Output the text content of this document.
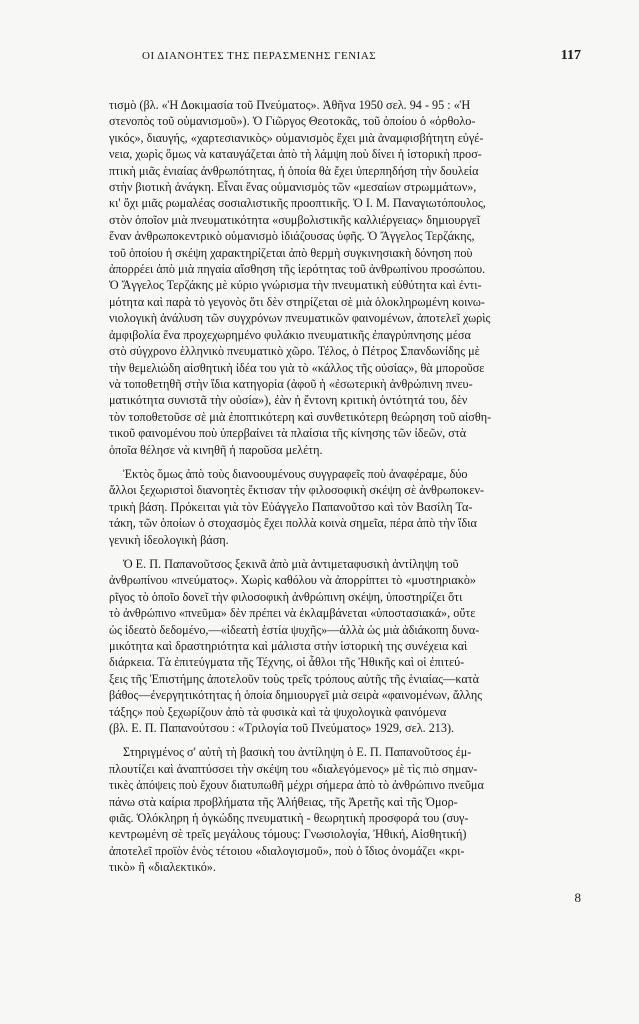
ΟΙ ΔΙΑΝΟΗΤΕΣ ΤΗΣ ΠΕΡΑΣΜΕΝΗΣ ΓΕΝΙΑΣ	117

τισμὸ (βλ. «Ἡ Δοκιμασία τοῦ Πνεύματος». Ἀθῆνα 1950 σελ. 94 - 95 : «Ἡ
στενοπὸς τοῦ οὑμανισμοῦ»). Ὁ Γιῶργος Θεοτοκᾶς, τοῦ ὁποίου ὁ «ὀρθολο-
γικός», διαυγής, «χαρτεσιανικὸς» οὑμανισμὸς ἔχει μιὰ ἀναμφισβήτητη εὐγέ-
νεια, χωρὶς ὅμως νὰ καταυγάζεται ἀπὸ τὴ λάμψη ποὺ δίνει ἡ ἱστορικὴ προσ-
πτικὴ μιᾶς ἑνιαίας ἀνθρωπότητας, ἡ ὁποία θὰ ἔχει ὑπερπηδήση τὴν δουλεία
στὴν βιοτικὴ ἀνάγκη. Εἶναι ἕνας οὑμανισμὸς τῶν «μεσαίων στρωμμάτων»,
κι' ὄχι μιᾶς ρωμαλέας σοσιαλιστικῆς προοπτικῆς. Ὁ Ι. Μ. Παναγιωτόπουλος,
στὸν ὁποῖον μιὰ πνευματικότητα «συμβολιστικῆς καλλιέργειας» δημιουργεῖ
ἕναν ἀνθρωποκεντρικὸ οὑμανισμὸ ἰδιάζουσας ὑφῆς. Ὁ Ἄγγελος Τερζάκης,
τοῦ ὁποίου ἡ σκέψη χαρακτηρίζεται ἀπὸ θερμὴ συγκινησιακὴ δόνηση ποὺ
ἀπορρέει ἀπὸ μιὰ πηγαία αἴσθηση τῆς ἱερότητας τοῦ ἀνθρωπίνου προσώπου.
Ὁ Ἄγγελος Τερζάκης μὲ κύριο γνώρισμα τὴν πνευματικὴ εὐθύτητα καὶ ἐντι-
μότητα καὶ παρὰ τὸ γεγονὸς ὅτι δὲν στηρίζεται σὲ μιὰ ὁλοκληρωμένη κοινω-
νιολογικὴ ἀνάλυση τῶν συγχρόνων πνευματικῶν φαινομένων, ἀποτελεῖ χωρὶς
ἀμφιβολία ἕνα προχεχωρημένο φυλάκιο πνευματικῆς ἐπαγρύπνησης μέσα
στὸ σύγχρονο ἑλληνικὸ πνευματικὸ χῶρο. Τέλος, ὁ Πέτρος Σπανδωνίδης μὲ
τὴν θεμελιώδη αἰσθητικὴ ἰδέα του γιὰ τὸ «κάλλος τῆς οὐσίας», θὰ μποροῦσε
νὰ τοποθετηθῆ στὴν ἴδια κατηγορία (ἀφοῦ ἡ «ἐσωτερικὴ ἀνθρώπινη πνευ-
ματικότητα συνιστᾶ τὴν οὐσία»), ἐὰν ἡ ἔντονη κριτικὴ ὀντότητά του, δὲν
τὸν τοποθετοῦσε σὲ μιὰ ἐποπτικότερη καὶ συνθετικότερη θεώρηση τοῦ αἰσθη-
τικοῦ φαινομένου ποὺ ὑπερβαίνει τὰ πλαίσια τῆς κίνησης τῶν ἰδεῶν, στὰ
ὁποῖα θέλησε νὰ κινηθῆ ἡ παροῦσα μελέτη.

Ἐκτὸς ὅμως ἀπὸ τοὺς διανοουμένους συγγραφεῖς ποὺ ἀναφέραμε, δύο
ἄλλοι ξεχωριστοὶ διανοητὲς ἔκτισαν τὴν φιλοσοφικὴ σκέψη σὲ ἀνθρωποκεν-
τρικὴ βάση. Πρόκειται γιὰ τὸν Εὐάγγελο Παπανοῦτσο καὶ τὸν Βασίλη Τα-
τάκη, τῶν ὁποίων ὁ στοχασμὸς ἔχει πολλὰ κοινὰ σημεῖα, πέρα ἀπὸ τὴν ἴδια
γενικὴ ἰδεολογικὴ βάση.

Ὁ Ε. Π. Παπανοῦτσος ξεκινᾶ ἀπὸ μιὰ ἀντιμεταφυσικὴ ἀντίληψη τοῦ
ἀνθρωπίνου «πνεύματος». Χωρὶς καθόλου νὰ ἀπορρίπτει τὸ «μυστηριακὸ»
ρῖγος τὸ ὁποῖο δονεῖ τὴν φιλοσοφικὴ ἀνθρώπινη σκέψη, ὑποστηρίζει ὅτι
τὸ ἀνθρώπινο «πνεῦμα» δὲν πρέπει νὰ ἐκλαμβάνεται «ὑποστασιακά», οὔτε
ὡς ἰδεατὸ δεδομένο,—«ἰδεατὴ ἑστία ψυχῆς»—ἀλλὰ ὡς μιὰ ἀδιάκοπη δυνα-
μικότητα καὶ δραστηριότητα καὶ μάλιστα στὴν ἱστορικὴ της συνέχεια καὶ
διάρκεια. Τὰ ἐπιτεύγματα τῆς Τέχνης, οἱ ἆθλοι τῆς Ἠθικῆς καὶ οἱ ἐπιτεύ-
ξεις τῆς Ἐπιστήμης ἀποτελοῦν τοὺς τρεῖς τρόπους αὐτῆς τῆς ἑνιαίας—κατὰ
βάθος—ἐνεργητικότητας ἡ ὁποία δημιουργεῖ μιὰ σειρὰ «φαινομένων, ἄλλης
τάξης» ποὺ ξεχωρίζουν ἀπὸ τὰ φυσικὰ καὶ τὰ ψυχολογικὰ φαινόμενα
(βλ. Ε. Π. Παπανούτσου : «Τριλογία τοῦ Πνεύματος» 1929, σελ. 213).

Στηριγμένος σ' αὐτὴ τὴ βασικὴ του ἀντίληψη ὁ Ε. Π. Παπανοῦτσος ἐμ-
πλουτίζει καὶ ἀναπτύσσει τὴν σκέψη του «διαλεγόμενος» μὲ τὶς πιὸ σημαν-
τικὲς ἀπόψεις ποὺ ἔχουν διατυπωθῆ μέχρι σήμερα ἀπὸ τὸ ἀνθρώπινο πνεῦμα
πάνω στὰ καίρια προβλήματα τῆς Ἀλήθειας, τῆς Ἀρετῆς καὶ τῆς Ὀμορ-
φιᾶς. Ὁλόκληρη ἡ ὀγκώδης πνευματικὴ - θεωρητικὴ προσφορά του (συγ-
κεντρωμένη σὲ τρεῖς μεγάλους τόμους: Γνωσιολογία, Ἠθική, Αἰσθητική)
ἀποτελεῖ προϊὸν ἑνὸς τέτοιου «διαλογισμοῦ», ποὺ ὁ ἴδιος ὀνομάζει «κρι-
τικὸ» ἢ «διαλεκτικό».

8
